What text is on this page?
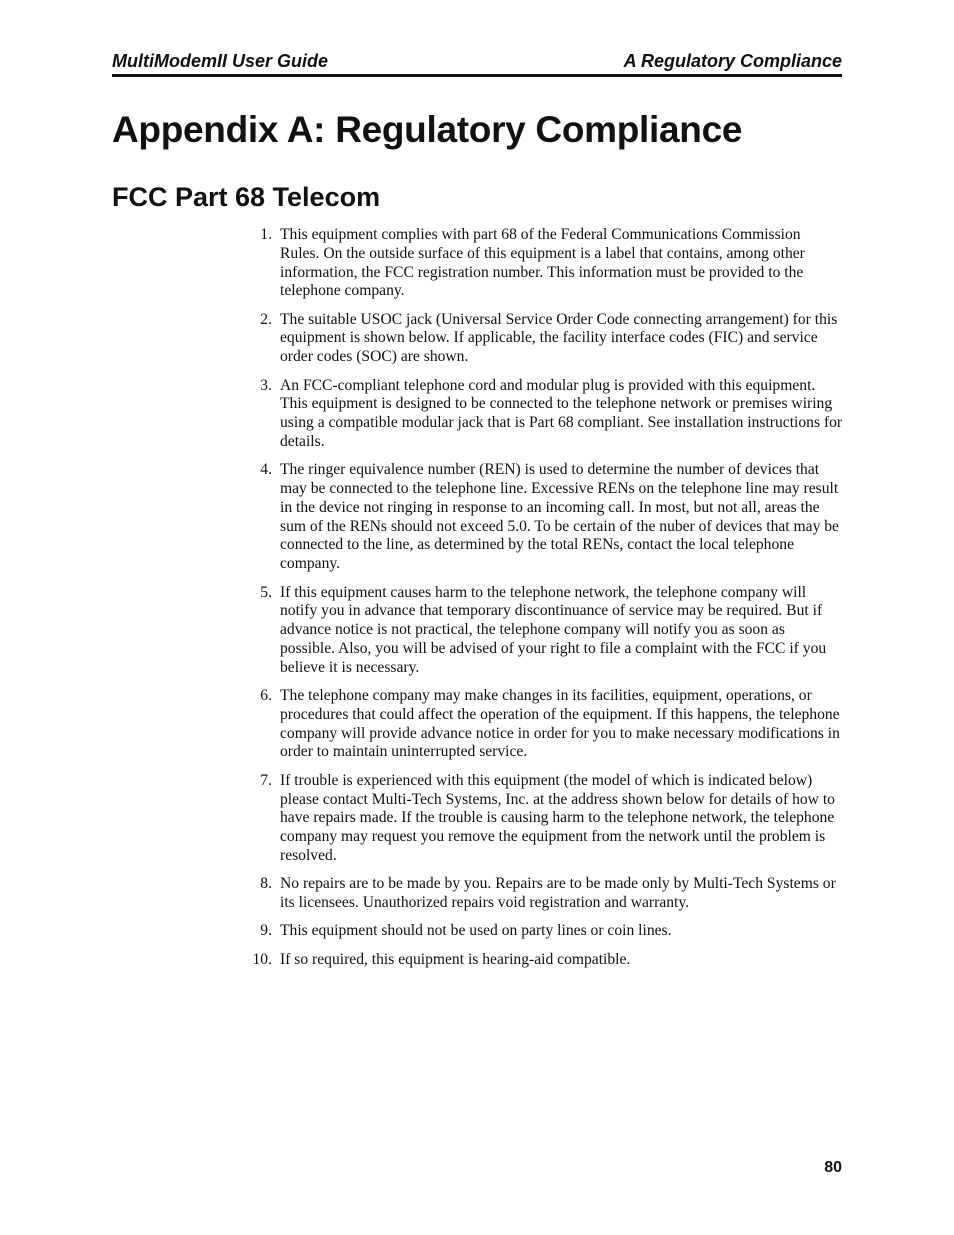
MultiModemII User Guide	A Regulatory Compliance
Appendix A: Regulatory Compliance
FCC Part 68 Telecom
1. This equipment complies with part 68 of the Federal Communications Commission Rules. On the outside surface of this equipment is a label that contains, among other information, the FCC registration number. This information must be provided to the telephone company.
2. The suitable USOC jack (Universal Service Order Code connecting arrangement) for this equipment is shown below. If applicable, the facility interface codes (FIC) and service order codes (SOC) are shown.
3. An FCC-compliant telephone cord and modular plug is provided with this equipment. This equipment is designed to be connected to the telephone network or premises wiring using a compatible modular jack that is Part 68 compliant. See installation instructions for details.
4. The ringer equivalence number (REN) is used to determine the number of devices that may be connected to the telephone line. Excessive RENs on the telephone line may result in the device not ringing in response to an incoming call. In most, but not all, areas the sum of the RENs should not exceed 5.0. To be certain of the nuber of devices that may be connected to the line, as determined by the total RENs, contact the local telephone company.
5. If this equipment causes harm to the telephone network, the telephone company will notify you in advance that temporary discontinuance of service may be required. But if advance notice is not practical, the telephone company will notify you as soon as possible. Also, you will be advised of your right to file a complaint with the FCC if you believe it is necessary.
6. The telephone company may make changes in its facilities, equipment, operations, or procedures that could affect the operation of the equipment. If this happens, the telephone company will provide advance notice in order for you to make necessary modifications in order to maintain uninterrupted service.
7. If trouble is experienced with this equipment (the model of which is indicated below) please contact Multi-Tech Systems, Inc. at the address shown below for details of how to have repairs made. If the trouble is causing harm to the telephone network, the telephone company may request you remove the equipment from the network until the problem is resolved.
8. No repairs are to be made by you. Repairs are to be made only by Multi-Tech Systems or its licensees. Unauthorized repairs void registration and warranty.
9. This equipment should not be used on party lines or coin lines.
10. If so required, this equipment is hearing-aid compatible.
80
